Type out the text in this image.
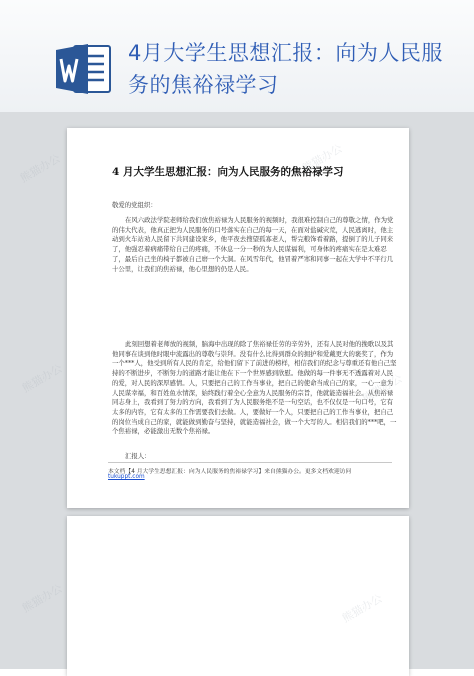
4月大学生思想汇报：向为人民服务的焦裕禄学习
4 月大学生思想汇报：向为人民服务的焦裕禄学习

敬爱的党组织：

在风六政法学院老师给我们放焦裕禄为人民服务的视频时，我很难控制自己的尊敬之情，作为党的伟大代表，他真正把为人民服务的口号落实在自己的每一天，在面对盐碱灾荒，人民逃离时，他主动到火车站劝人民留下共同建设家乡，他平夜去搜望孤寡老人，帮完粮饰看着路，提倒了的儿子同来了，他强忍着病痛带给自己的疼痛，不休息一分一秒的为人民谋福利，可身体的疼痛实在是太难忍了，最后自己坐的椅子都被自己磨一个大洞。在风雪年代，他冒着严寒和同事一起在大学中不平行几十公里，让我们的焦裕禄，他心里想的仍是人民。

此刻回想着老师放的视频，脑海中出现的除了焦裕禄任劳的辛劳外，还有人民对他的挽歌以及其他同事在谈到他时眼中流露出的尊敬与崇拜。没有什么比得到群众的拥护和爱戴更大的褒奖了，作为一个***人，他受到所有人民的肯定，给他们留下了前进的榜样，相信我们的纪念与尊重还有他自己坚持的不断进步，不断努力的道路才能让他在下一个世界感到欣慰。他做的每一件事无不透露着对人民的爱，对人民的深厚感情。人，只要把自己的工作当事业，把自己的使命当成自己的家，一心一意为人民谋幸福，和百姓鱼水情深，始终践行着全心全意为人民服务的宗旨，他就能造福社会。从焦裕禄同志身上，我看到了努力的方向，我看到了为人民服务绝不是一句空话，也不仅仅是一句口号，它有太多的内容，它有太多的工作需要我们去做。人，要做好一个人，只要把自己的工作当事业，把自己的岗位当成自己的家，就能做到勤奋与坚持，就能造福社会，做一个大写的人。相信我们的***吧，一个焦裕禄，必能激出无数个焦裕禄。

汇报人：

本文档【4 月大学生思想汇报：向为人民服务的焦裕禄学习】来自熊猫办公。更多文档欢迎访问
tukuppt.com
熊猫办公	熊猫办公
熊猫办公	熊猫办公
熊猫办公	熊猫办公
